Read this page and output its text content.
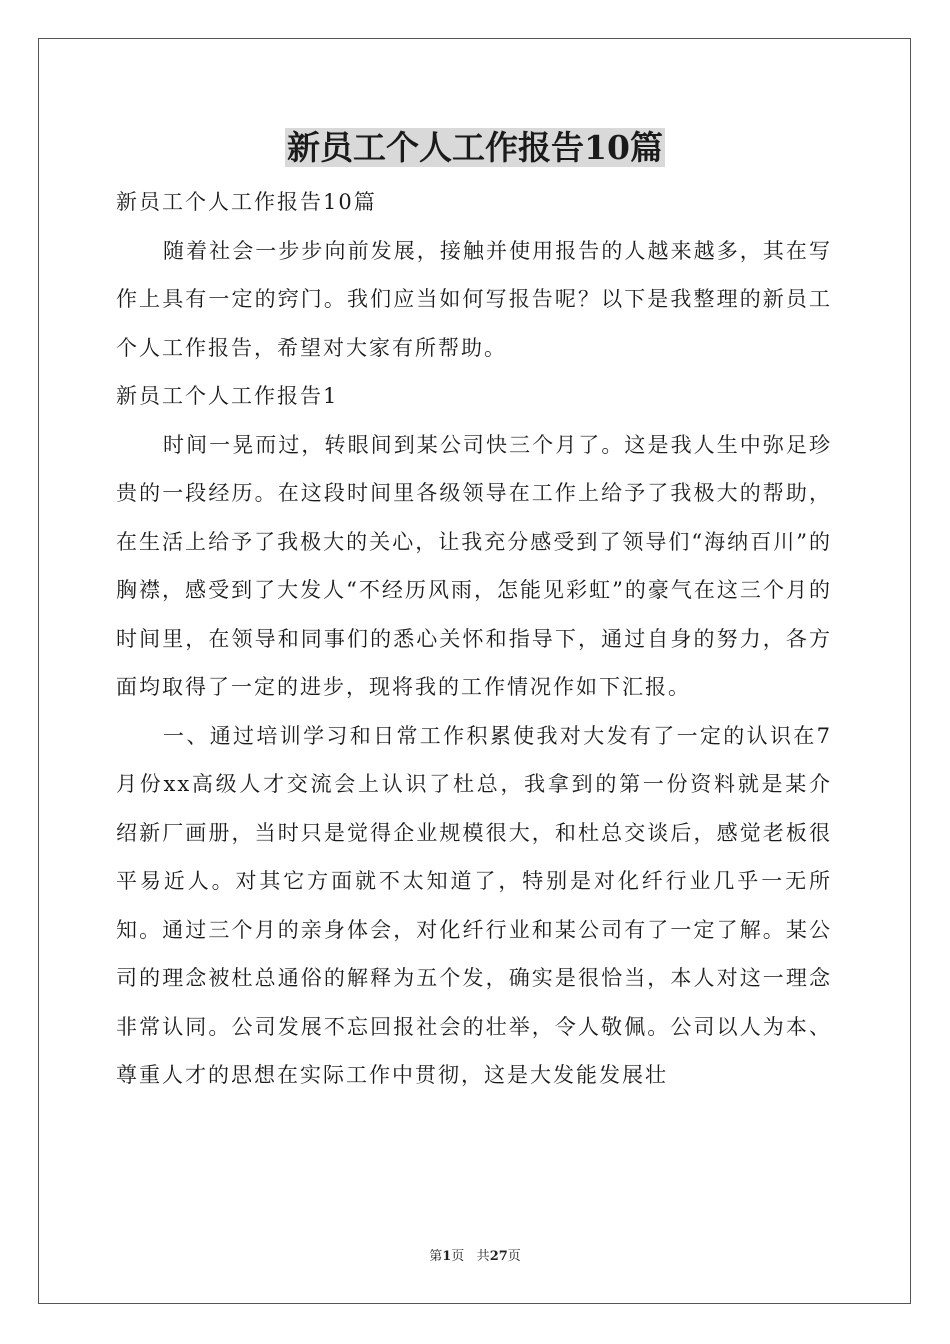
新员工个人工作报告10篇

新员工个人工作报告10篇

随着社会一步步向前发展，接触并使用报告的人越来越多，其在写作上具有一定的窍门。我们应当如何写报告呢？以下是我整理的新员工个人工作报告，希望对大家有所帮助。

新员工个人工作报告1

时间一晃而过，转眼间到某公司快三个月了。这是我人生中弥足珍贵的一段经历。在这段时间里各级领导在工作上给予了我极大的帮助，在生活上给予了我极大的关心，让我充分感受到了领导们“海纳百川”的胸襟，感受到了大发人“不经历风雨，怎能见彩虹”的豪气在这三个月的时间里，在领导和同事们的悉心关怀和指导下，通过自身的努力，各方面均取得了一定的进步，现将我的工作情况作如下汇报。

一、通过培训学习和日常工作积累使我对大发有了一定的认识在7月份xx高级人才交流会上认识了杜总，我拿到的第一份资料就是某介绍新厂画册，当时只是觉得企业规模很大，和杜总交谈后，感觉老板很平易近人。对其它方面就不太知道了，特别是对化纤行业几乎一无所知。通过三个月的亲身体会，对化纤行业和某公司有了一定了解。某公司的理念被杜总通俗的解释为五个发，确实是很恰当，本人对这一理念非常认同。公司发展不忘回报社会的壮举，令人敬佩。公司以人为本、尊重人才的思想在实际工作中贯彻，这是大发能发展壮

第1页 共27页
